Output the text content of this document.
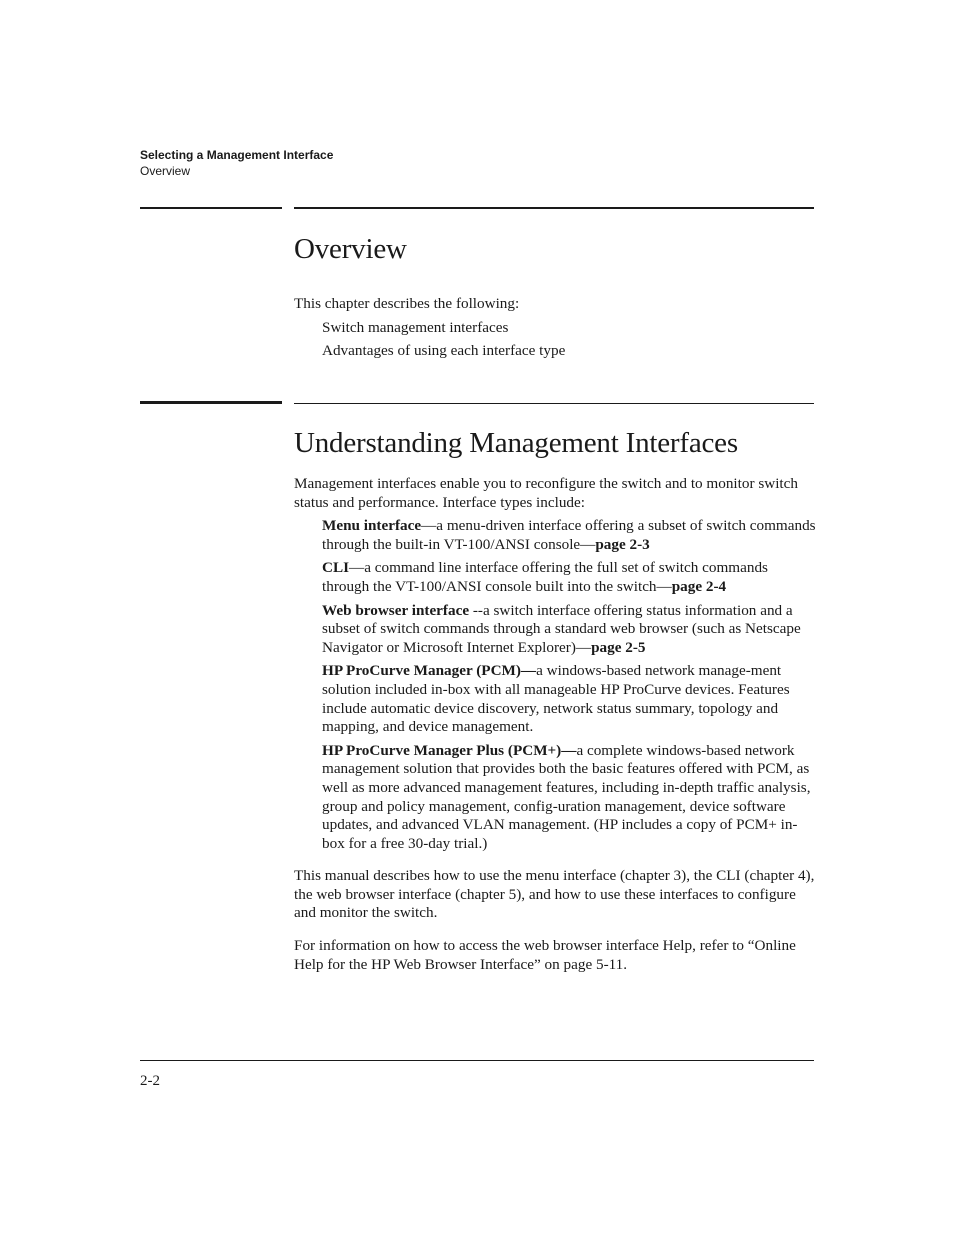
Selecting a Management Interface
Overview
Overview

This chapter describes the following:

Switch management interfaces

Advantages of using each interface type

Understanding Management Interfaces

Management interfaces enable you to reconfigure the switch and to monitor switch status and performance. Interface types include:

Menu interface—a menu-driven interface offering a subset of switch commands through the built-in VT-100/ANSI console—page 2-3

CLI—a command line interface offering the full set of switch commands through the VT-100/ANSI console built into the switch—page 2-4

Web browser interface --a switch interface offering status information and a subset of switch commands through a standard web browser (such as Netscape Navigator or Microsoft Internet Explorer)—page 2-5

HP ProCurve Manager (PCM)—a windows-based network manage-ment solution included in-box with all manageable HP ProCurve devices. Features include automatic device discovery, network status summary, topology and mapping, and device management.

HP ProCurve Manager Plus (PCM+)—a complete windows-based network management solution that provides both the basic features offered with PCM, as well as more advanced management features, including in-depth traffic analysis, group and policy management, config-uration management, device software updates, and advanced VLAN management. (HP includes a copy of PCM+ in-box for a free 30-day trial.)

This manual describes how to use the menu interface (chapter 3), the CLI (chapter 4), the web browser interface (chapter 5), and how to use these interfaces to configure and monitor the switch.

For information on how to access the web browser interface Help, refer to “Online Help for the HP Web Browser Interface” on page 5-11.

2-2
